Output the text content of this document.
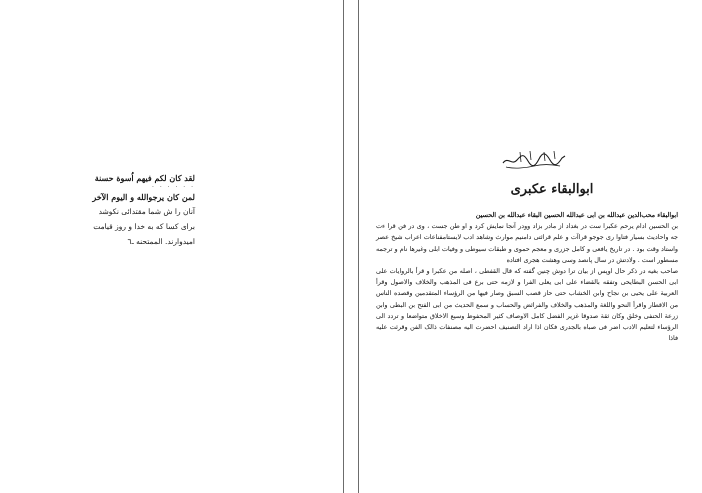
لقد كان لكم فيهم اُسوة حسنة
· · · · · ·
لمن كان يرجوالله و اليوم الآخر
آنان را ش شما مقتدائی نکوشد
برای کسا که به خدا و روز قیامت
امیدوارند. الممتحنه ـ٦
ابوالبقاء عکبری

ابوالبقاء محب‌الدین عبدالله بن ابی عبدالله الحسین البقاء عبدالله بن الحسین

بن الحسین ادام یرحم عکبرا ست در بغداد از مادر بزاد وودر آنجا نمایش کرد و او طن جست ، وی در فن قرا ءت جه واحادیث بسیار فتاوا ری جوجو قراآت و علم قرائتی دامنیم موارث وشاهد ادب لایستامفناعات اعراب شیخ عصر واستاد وقت بود . در تاریخ یافعی و کامل جزری و معجم حموی و طبقات سیوطی و وفیات ابلی وغیرها نام و ترجمه مسطور است . ولادتش در سال پانصد وسی وهشت هجری افتاده

صاحب بغیه در ذکر حال اوپس از بیان ترا دوش چنین گفته که قال القفطی ، اصله من عکبرا و قرأ بالروایات علی ابی الحسن البطایحی وتفقه بالقضاء علی ابی یعلی الفرا و لازمه حتی برع فی المذهب والخلاف والاصول وقرأ العربیة علی یحیی بن نجاح وابن الخشاب حتی حاز قصب السبق وصار فیها من الرؤساء المتقدمین وقصده الناس من الاقطار واقرأ النحو واللغة والمذهب والخلاف والفرائض والحساب و سمع الحدیث من ابی الفتح بن البطی وابن زرعة الحنفی وخلق وکان ثقة صدوقا غزیر الفضل کامل الاوصاف کثیر المحفوظ وسیع الاخلاق متواضعا و تردد الی الرؤساء لتعلیم الادب اضر فی صباه بالجدری فکان اذا اراد التصنیف احضرت الیه مصنفات ذالک الفن وقرئت علیه فاذا
